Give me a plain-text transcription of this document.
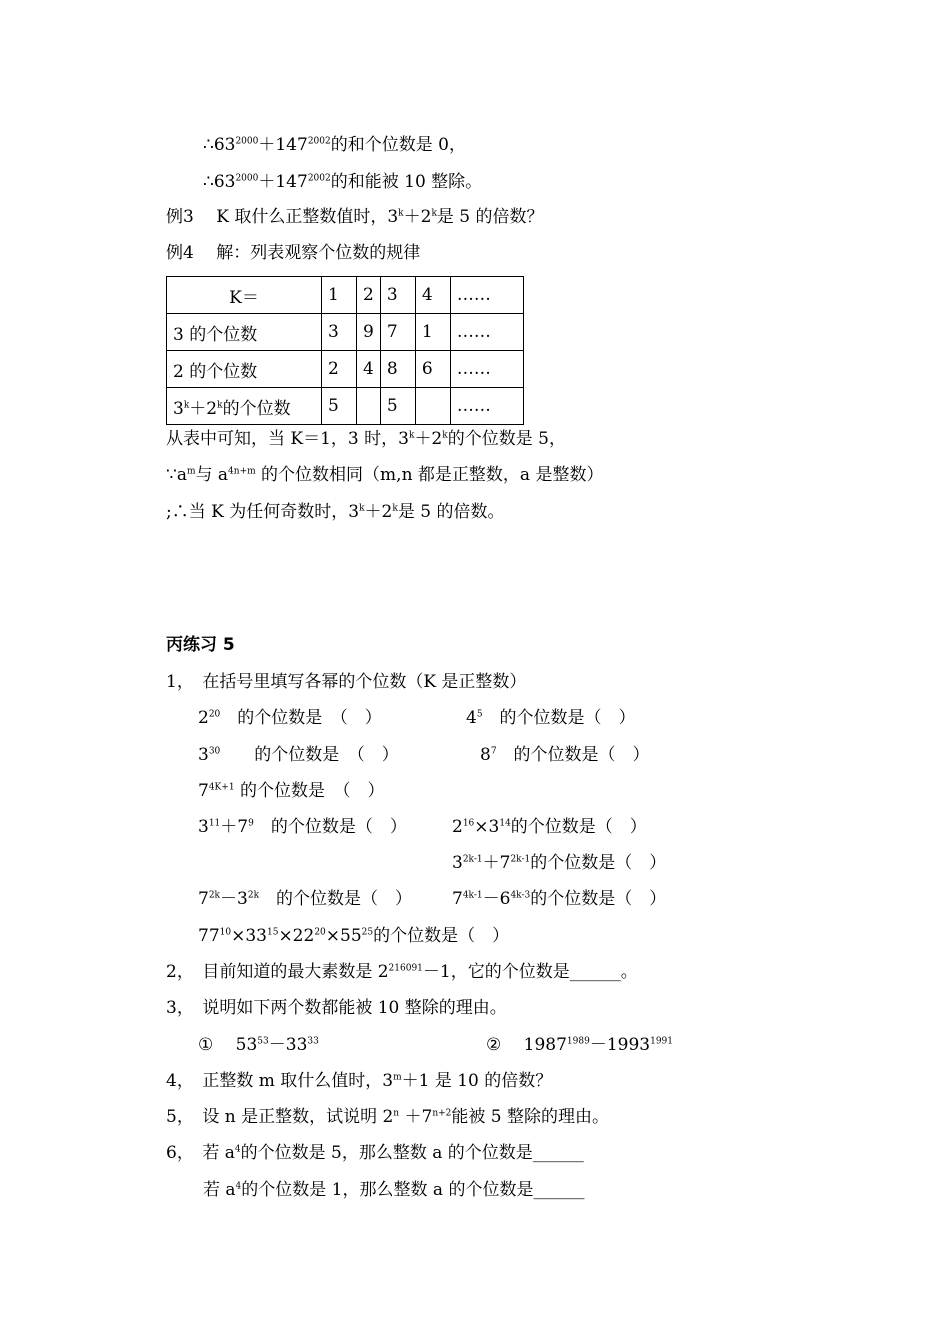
$\therefore 63^{2000}+147^{2002}$的和个位数是 0，
$\therefore 63^{2000}+147^{2002}$的和能被 10 整除。
例3　 K 取什么正整数值时，$3^k+2^k$是 5 的倍数？
例4　 解：列表观察个位数的规律
K＝	1	2	3	4	……
3 的个位数	3	9	7	1	……
2 的个位数	2	4	8	6	……
$3^k+2^k$的个位数	5		5		……
从表中可知，当 K＝1，3 时，$3^k+2^k$的个位数是 5，
$\because a^m$与 $a^{4n+m}$ 的个位数相同（m,n 都是正整数，a 是整数）
;∴当 K 为任何奇数时，$3^k+2^k$是 5 的倍数。
丙练习 5
1，　在括号里填写各幂的个位数（K 是正整数）
$2^{20}$　的个位数是　（　）	$4^5$　的个位数是（　）
$3^{30}$　　的个位数是　（　）	$8^7$　的个位数是（　）
$7^{4K+1}$ 的个位数是　（　）
$3^{11}+7^9$　的个位数是（　）	$2^{16}\times 3^{14}$的个位数是（　）
$3^{2k-1}+7^{2k-1}$的个位数是（　）
$7^{2k}-3^{2k}$　的个位数是（　） $7^{4k-1}-6^{4k-3}$的个位数是（　）
$77^{10}\times 33^{15}\times 22^{20}\times 55^{25}$的个位数是（　）
2，　目前知道的最大素数是 $2^{216091}-1$，它的个位数是______。
3，　说明如下两个数都能被 10 整除的理由。
①　 $53^{53}-33^{33}$	②　 $1987^{1989}-1993^{1991}$
4，　正整数 m 取什么值时，$3^m+1$ 是 10 的倍数？
5，　设 n 是正整数，试说明 $2^n +7^{n+2}$能被 5 整除的理由。
6，　若 $a^4$的个位数是 5，那么整数 a 的个位数是______
若 $a^4$的个位数是 1，那么整数 a 的个位数是______
